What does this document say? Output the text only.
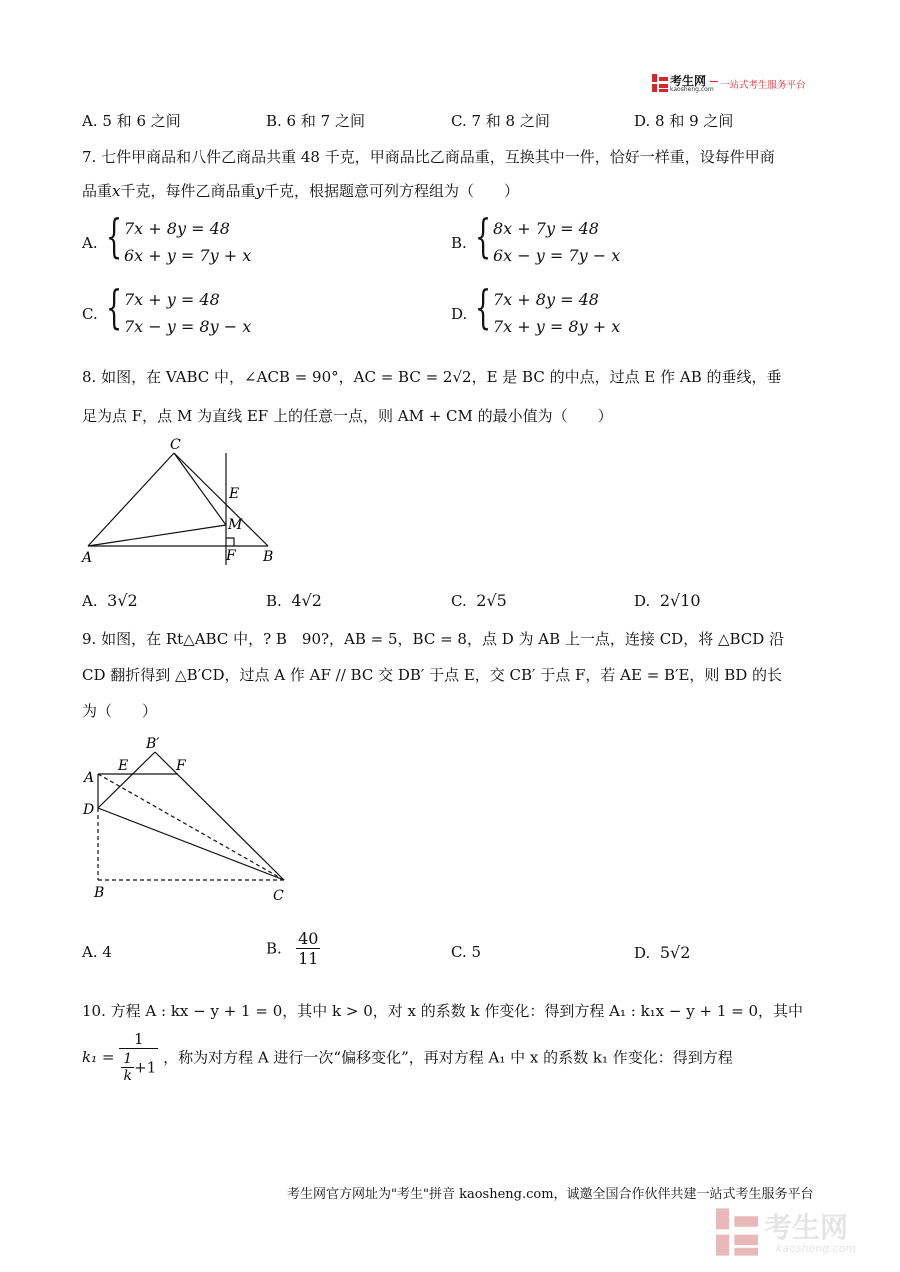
考生网
kaosheng.com 一站式考生服务平台
A. 5 和 6 之间	B. 6 和 7 之间	C. 7 和 8 之间	D. 8 和 9 之间
7. 七件甲商品和八件乙商品共重 48 千克，甲商品比乙商品重，互换其中一件，恰好一样重，设每件甲商
品重x千克，每件乙商品重y千克，根据题意可列方程组为（　　）
A. { 7x + 8y = 48
6x + y = 7y + x
B. { 8x + 7y = 48
6x − y = 7y − x
C. { 7x + y = 48
7x − y = 8y − x
D. { 7x + 8y = 48
7x + y = 8y + x
8. 如图，在 VABC 中，∠ACB = 90°，AC = BC = 2√2，E 是 BC 的中点，过点 E 作 AB 的垂线，垂
足为点 F，点 M 为直线 EF 上的任意一点，则 AM + CM 的最小值为（　　）
C
E
M
A	F B
A. 3√2	B. 4√2	C. 2√5	D. 2√10
9. 如图，在 Rt△ABC 中，? B　90?，AB = 5，BC = 8，点 D 为 AB 上一点，连接 CD，将 △BCD 沿
CD 翻折得到 △B′CD，过点 A 作 AF // BC 交 DB′ 于点 E，交 CB′ 于点 F，若 AE = B′E，则 BD 的长
为（　　）
B′
A
E	F
D
B	C
A. 4	B. $\frac{40}{11}$	C. 5	D. 5√2
10. 方程 A : kx − y + 1 = 0，其中 k > 0，对 x 的系数 k 作变化：得到方程 A₁ : k₁x − y + 1 = 0，其中
$k_1 = \frac{1}{\frac{1}{k} +1}$ ，称为对方程 A 进行一次“偏移变化”，再对方程 A₁ 中 x 的系数 k₁ 作变化：得到方程
考生网官方网址为"考生"拼音 kaosheng.com，诚邀全国合作伙伴共建一站式考生服务平台
考生网
kaosheng.com
